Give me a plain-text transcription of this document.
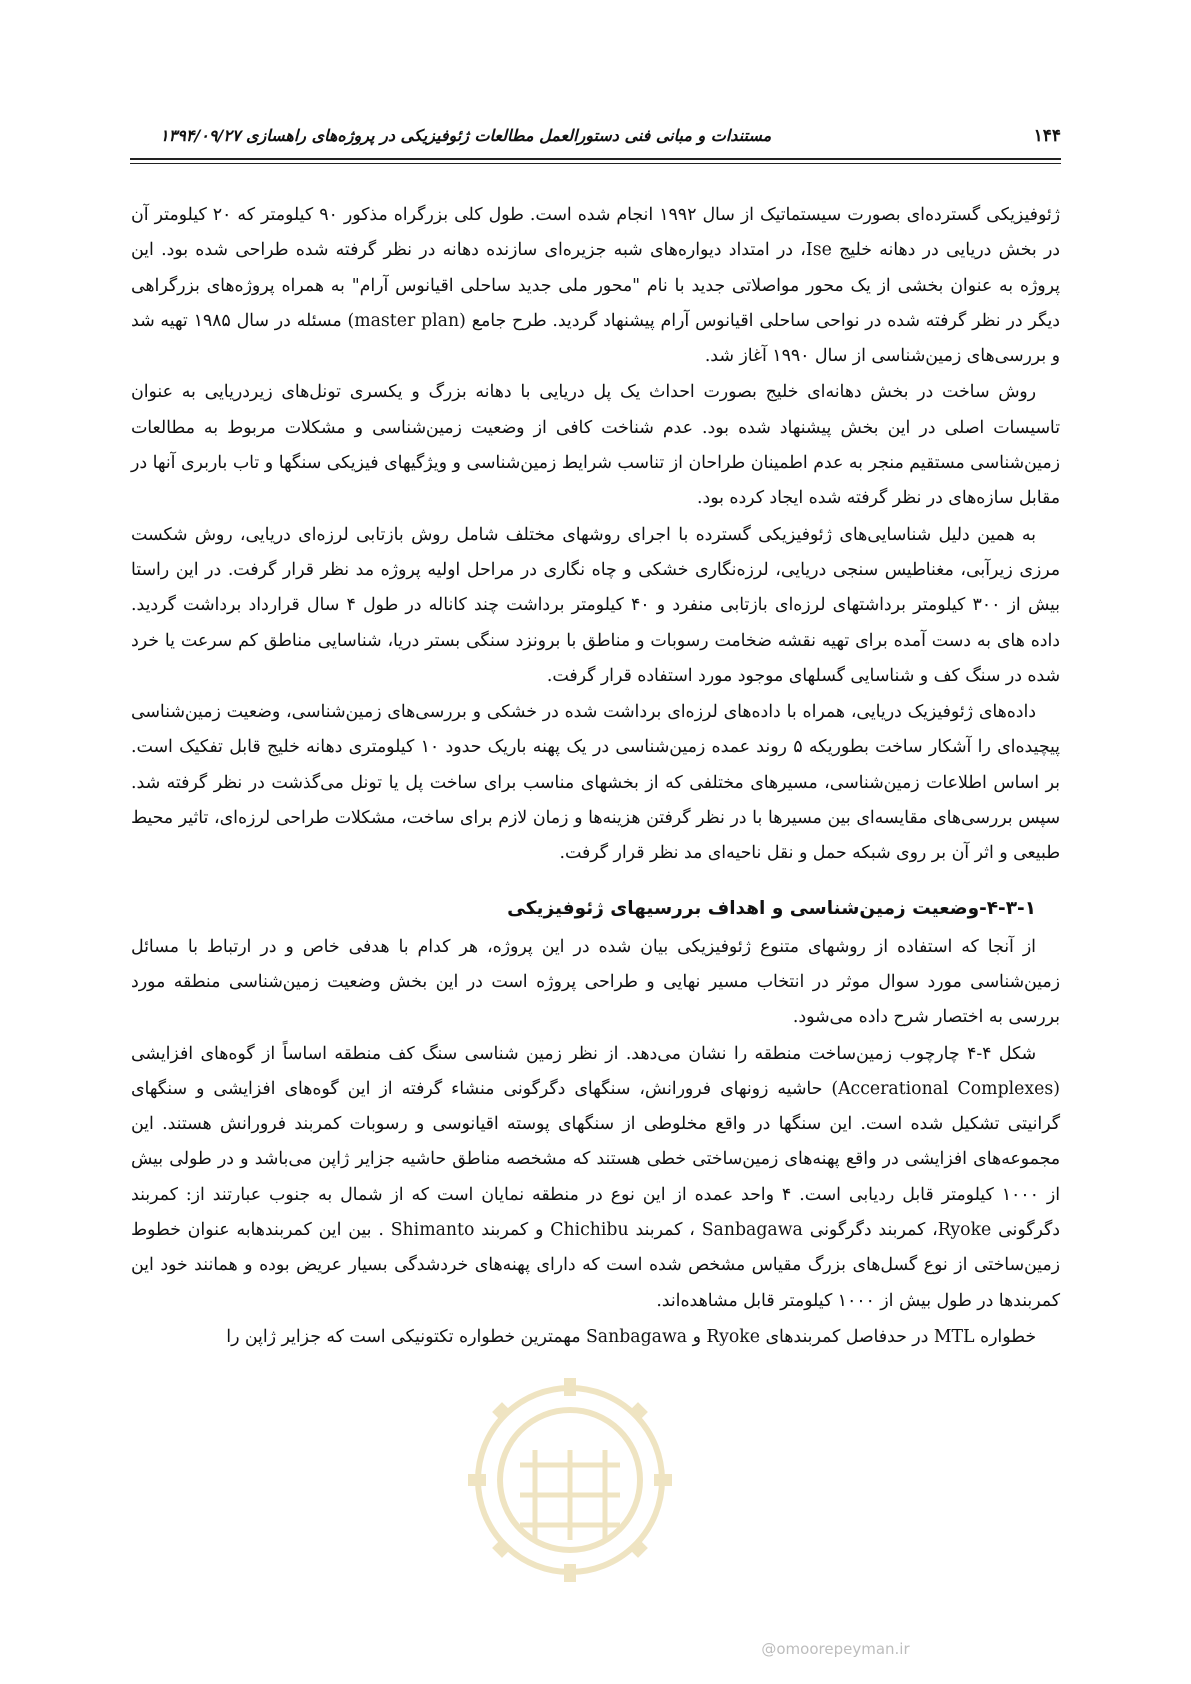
۱۴۴
مستندات و مبانی فنی دستورالعمل مطالعات ژئوفیزیکی در پروژه‌های راهسازی ۱۳۹۴/۰۹/۲۷

ژئوفیزیکی گسترده‌ای بصورت سیستماتیک از سال ۱۹۹۲ انجام شده است. طول کلی بزرگراه مذکور ۹۰ کیلومتر که ۲۰ کیلومتر آن در بخش دریایی در دهانه خلیج Ise، در امتداد دیواره‌های شبه جزیره‌ای سازنده دهانه در نظر گرفته شده طراحی شده بود. این پروژه به عنوان بخشی از یک محور مواصلاتی جدید با نام "محور ملی جدید ساحلی اقیانوس آرام" به همراه پروژه‌های بزرگراهی دیگر در نظر گرفته شده در نواحی ساحلی اقیانوس آرام پیشنهاد گردید. طرح جامع (master plan) مسئله در سال ۱۹۸۵ تهیه شد و بررسی‌های زمین‌شناسی از سال ۱۹۹۰ آغاز شد.

روش ساخت در بخش دهانه‌ای خلیج بصورت احداث یک پل دریایی با دهانه بزرگ و یکسری تونل‌های زیردریایی به عنوان تاسیسات اصلی در این بخش پیشنهاد شده بود. عدم شناخت کافی از وضعیت زمین‌شناسی و مشکلات مربوط به مطالعات زمین‌شناسی مستقیم منجر به عدم اطمینان طراحان از تناسب شرایط زمین‌شناسی و ویژگیهای فیزیکی سنگها و تاب باربری آنها در مقابل سازه‌های در نظر گرفته شده ایجاد کرده بود.

به همین دلیل شناسایی‌های ژئوفیزیکی گسترده با اجرای روشهای مختلف شامل روش بازتابی لرزه‌ای دریایی، روش شکست مرزی زیرآبی، مغناطیس سنجی دریایی، لرزه‌نگاری خشکی و چاه نگاری در مراحل اولیه پروژه مد نظر قرار گرفت. در این راستا بیش از ۳۰۰ کیلومتر برداشتهای لرزه‌ای بازتابی منفرد و ۴۰ کیلومتر برداشت چند کاناله در طول ۴ سال قرارداد برداشت گردید. داده های به دست آمده برای تهیه نقشه ضخامت رسوبات و مناطق با برونزد سنگی بستر دریا، شناسایی مناطق کم سرعت یا خرد شده در سنگ کف و شناسایی گسلهای موجود مورد استفاده قرار گرفت.

داده‌های ژئوفیزیک دریایی، همراه با داده‌های لرزه‌ای برداشت شده در خشکی و بررسی‌های زمین‌شناسی، وضعیت زمین‌شناسی پیچیده‌ای را آشکار ساخت بطوریکه ۵ روند عمده زمین‌شناسی در یک پهنه باریک حدود ۱۰ کیلومتری دهانه خلیج قابل تفکیک است. بر اساس اطلاعات زمین‌شناسی، مسیرهای مختلفی که از بخشهای مناسب برای ساخت پل یا تونل می‌گذشت در نظر گرفته شد. سپس بررسی‌های مقایسه‌ای بین مسیرها با در نظر گرفتن هزینه‌ها و زمان لازم برای ساخت، مشکلات طراحی لرزه‌ای، تاثیر محیط طبیعی و اثر آن بر روی شبکه حمل و نقل ناحیه‌ای مد نظر قرار گرفت.

۴-۳-۱-وضعیت زمین‌شناسی و اهداف بررسیهای ژئوفیزیکی

از آنجا که استفاده از روشهای متنوع ژئوفیزیکی بیان شده در این پروژه، هر کدام با هدفی خاص و در ارتباط با مسائل زمین‌شناسی مورد سوال موثر در انتخاب مسیر نهایی و طراحی پروژه است در این بخش وضعیت زمین‌شناسی منطقه مورد بررسی به اختصار شرح داده می‌شود.

شکل ۴-۴ چارچوب زمین‌ساخت منطقه را نشان می‌دهد. از نظر زمین شناسی سنگ کف منطقه اساساً از گوه‌های افزایشی (Accerational Complexes) حاشیه زونهای فرورانش، سنگهای دگرگونی منشاء گرفته از این گوه‌های افزایشی و سنگهای گرانیتی تشکیل شده است. این سنگها در واقع مخلوطی از سنگهای پوسته اقیانوسی و رسوبات کمربند فرورانش هستند. این مجموعه‌های افزایشی در واقع پهنه‌های زمین‌ساختی خطی هستند که مشخصه مناطق حاشیه جزایر ژاپن می‌باشد و در طولی بیش از ۱۰۰۰ کیلومتر قابل ردیابی است. ۴ واحد عمده از این نوع در منطقه نمایان است که از شمال به جنوب عبارتند از: کمربند دگرگونی Ryoke، کمربند دگرگونی Sanbagawa ، کمربند Chichibu و کمربند Shimanto . بین این کمربندهابه عنوان خطوط زمین‌ساختی از نوع گسل‌های بزرگ مقیاس مشخص شده است که دارای پهنه‌های خردشدگی بسیار عریض بوده و همانند خود این کمربندها در طول بیش از ۱۰۰۰ کیلومتر قابل مشاهده‌اند.

خطواره MTL در حدفاصل کمربندهای Ryoke و Sanbagawa مهمترین خطواره تکتونیکی است که جزایر ژاپن را

@omoorepeyman.ir
